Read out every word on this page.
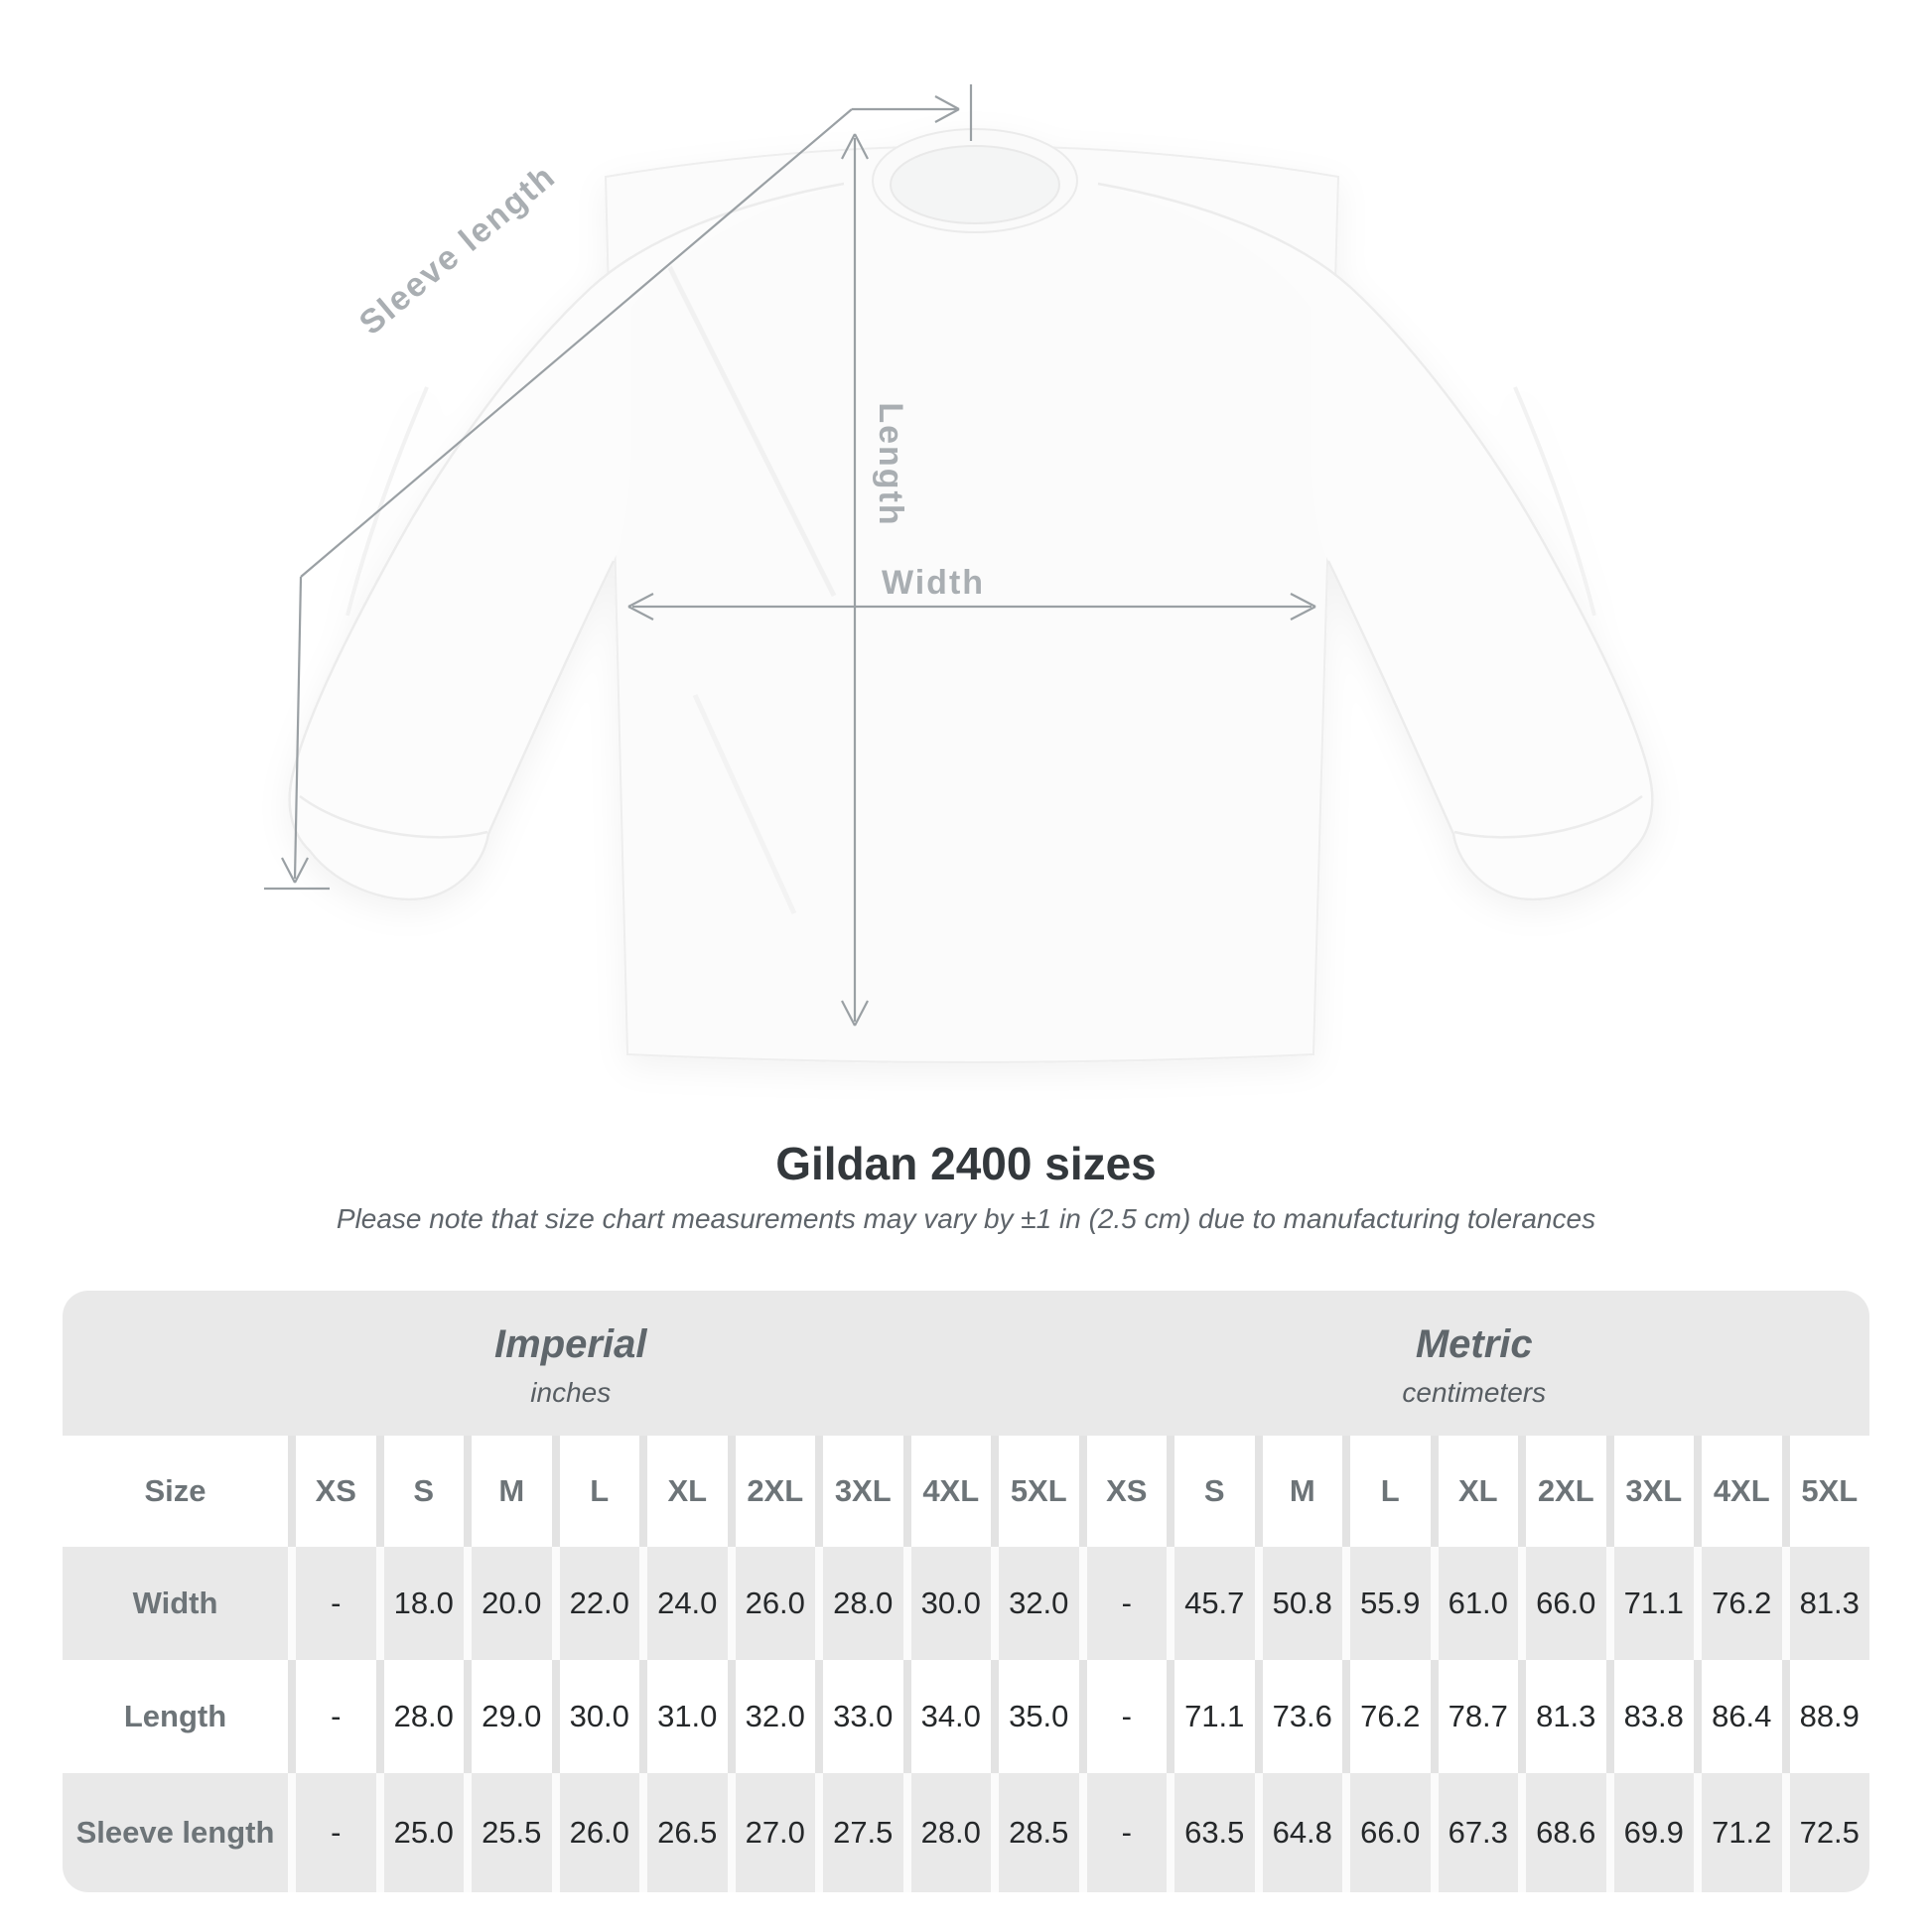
Sleeve length
Length
Width
Gildan 2400 sizes

Please note that size chart measurements may vary by ±1 in (2.5 cm) due to manufacturing tolerances

Imperial
inches
Metric
centimeters
Size	XS	S	M	L	XL	2XL	3XL	4XL	5XL	XS	S	M	L	XL	2XL	3XL	4XL	5XL
Width	-	18.0 20.0 22.0 24.0 26.0 28.0 30.0 32.0	-	45.7 50.8 55.9 61.0 66.0 71.1 76.2 81.3
Length	-	28.0 29.0 30.0 31.0 32.0 33.0 34.0 35.0	-	71.1 73.6 76.2 78.7 81.3 83.8 86.4 88.9
Sleeve length	-	25.0 25.5 26.0 26.5 27.0 27.5 28.0 28.5	-	63.5 64.8 66.0 67.3 68.6 69.9 71.2 72.5
